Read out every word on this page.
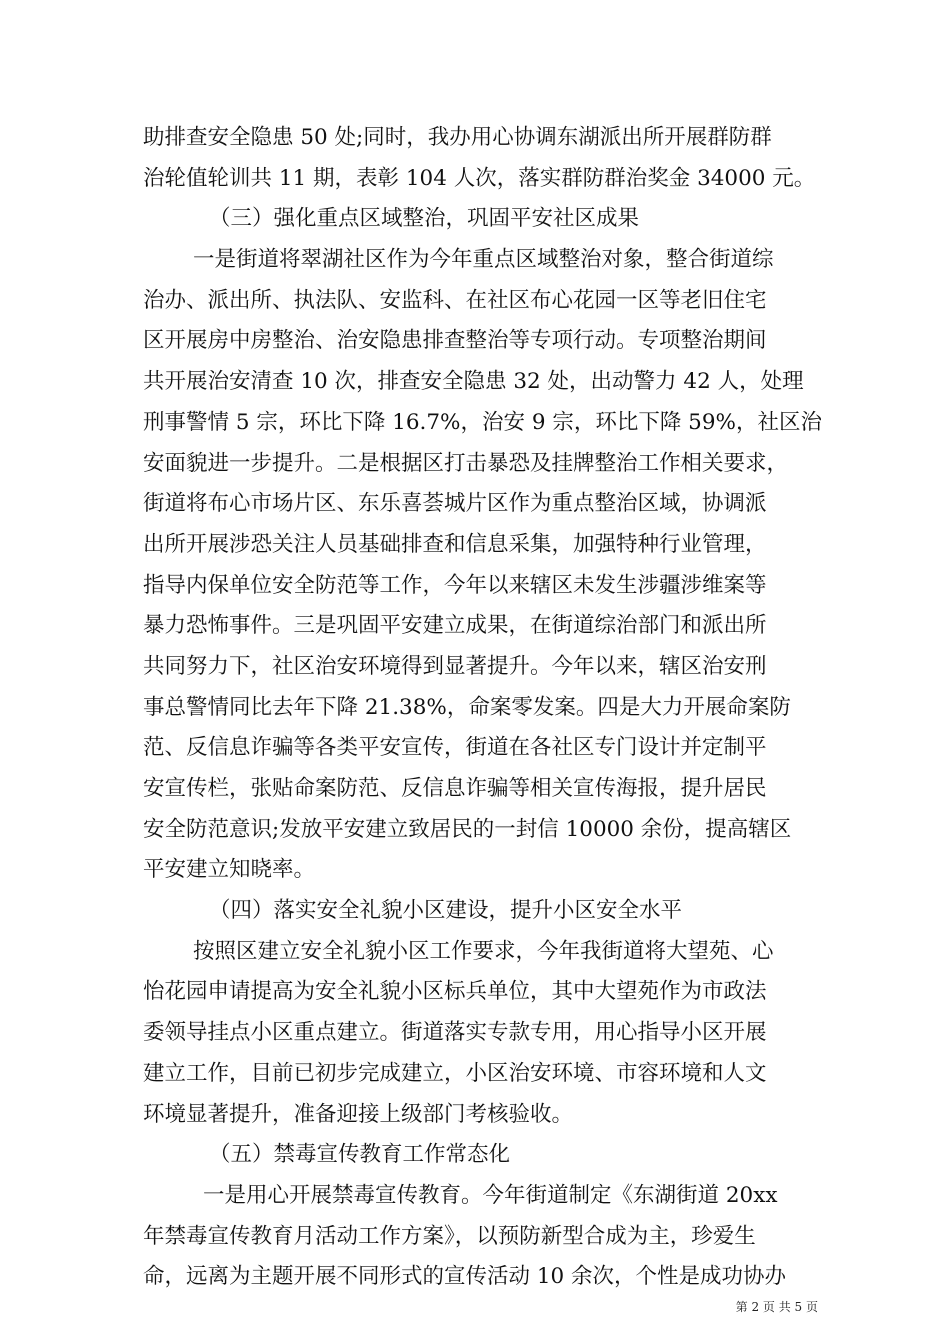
助排查安全隐患 50 处;同时，我办用心协调东湖派出所开展群防群
治轮值轮训共 11 期，表彰 104 人次，落实群防群治奖金 34000 元。
（三）强化重点区域整治，巩固平安社区成果
一是街道将翠湖社区作为今年重点区域整治对象，整合街道综
治办、派出所、执法队、安监科、在社区布心花园一区等老旧住宅
区开展房中房整治、治安隐患排查整治等专项行动。专项整治期间
共开展治安清查 10 次，排查安全隐患 32 处，出动警力 42 人，处理
刑事警情 5 宗，环比下降 16.7%，治安 9 宗，环比下降 59%，社区治
安面貌进一步提升。二是根据区打击暴恐及挂牌整治工作相关要求，
街道将布心市场片区、东乐喜荟城片区作为重点整治区域，协调派
出所开展涉恐关注人员基础排查和信息采集，加强特种行业管理，
指导内保单位安全防范等工作，今年以来辖区未发生涉疆涉维案等
暴力恐怖事件。三是巩固平安建立成果，在街道综治部门和派出所
共同努力下，社区治安环境得到显著提升。今年以来，辖区治安刑
事总警情同比去年下降 21.38%，命案零发案。四是大力开展命案防
范、反信息诈骗等各类平安宣传，街道在各社区专门设计并定制平
安宣传栏，张贴命案防范、反信息诈骗等相关宣传海报，提升居民
安全防范意识;发放平安建立致居民的一封信 10000 余份，提高辖区
平安建立知晓率。
（四）落实安全礼貌小区建设，提升小区安全水平
按照区建立安全礼貌小区工作要求，今年我街道将大望苑、心
怡花园申请提高为安全礼貌小区标兵单位，其中大望苑作为市政法
委领导挂点小区重点建立。街道落实专款专用，用心指导小区开展
建立工作，目前已初步完成建立，小区治安环境、市容环境和人文
环境显著提升，准备迎接上级部门考核验收。
（五）禁毒宣传教育工作常态化
一是用心开展禁毒宣传教育。今年街道制定《东湖街道 20xx
年禁毒宣传教育月活动工作方案》，以预防新型合成为主，珍爱生
命，远离为主题开展不同形式的宣传活动 10 余次，个性是成功协办
第 2 页 共 5 页
